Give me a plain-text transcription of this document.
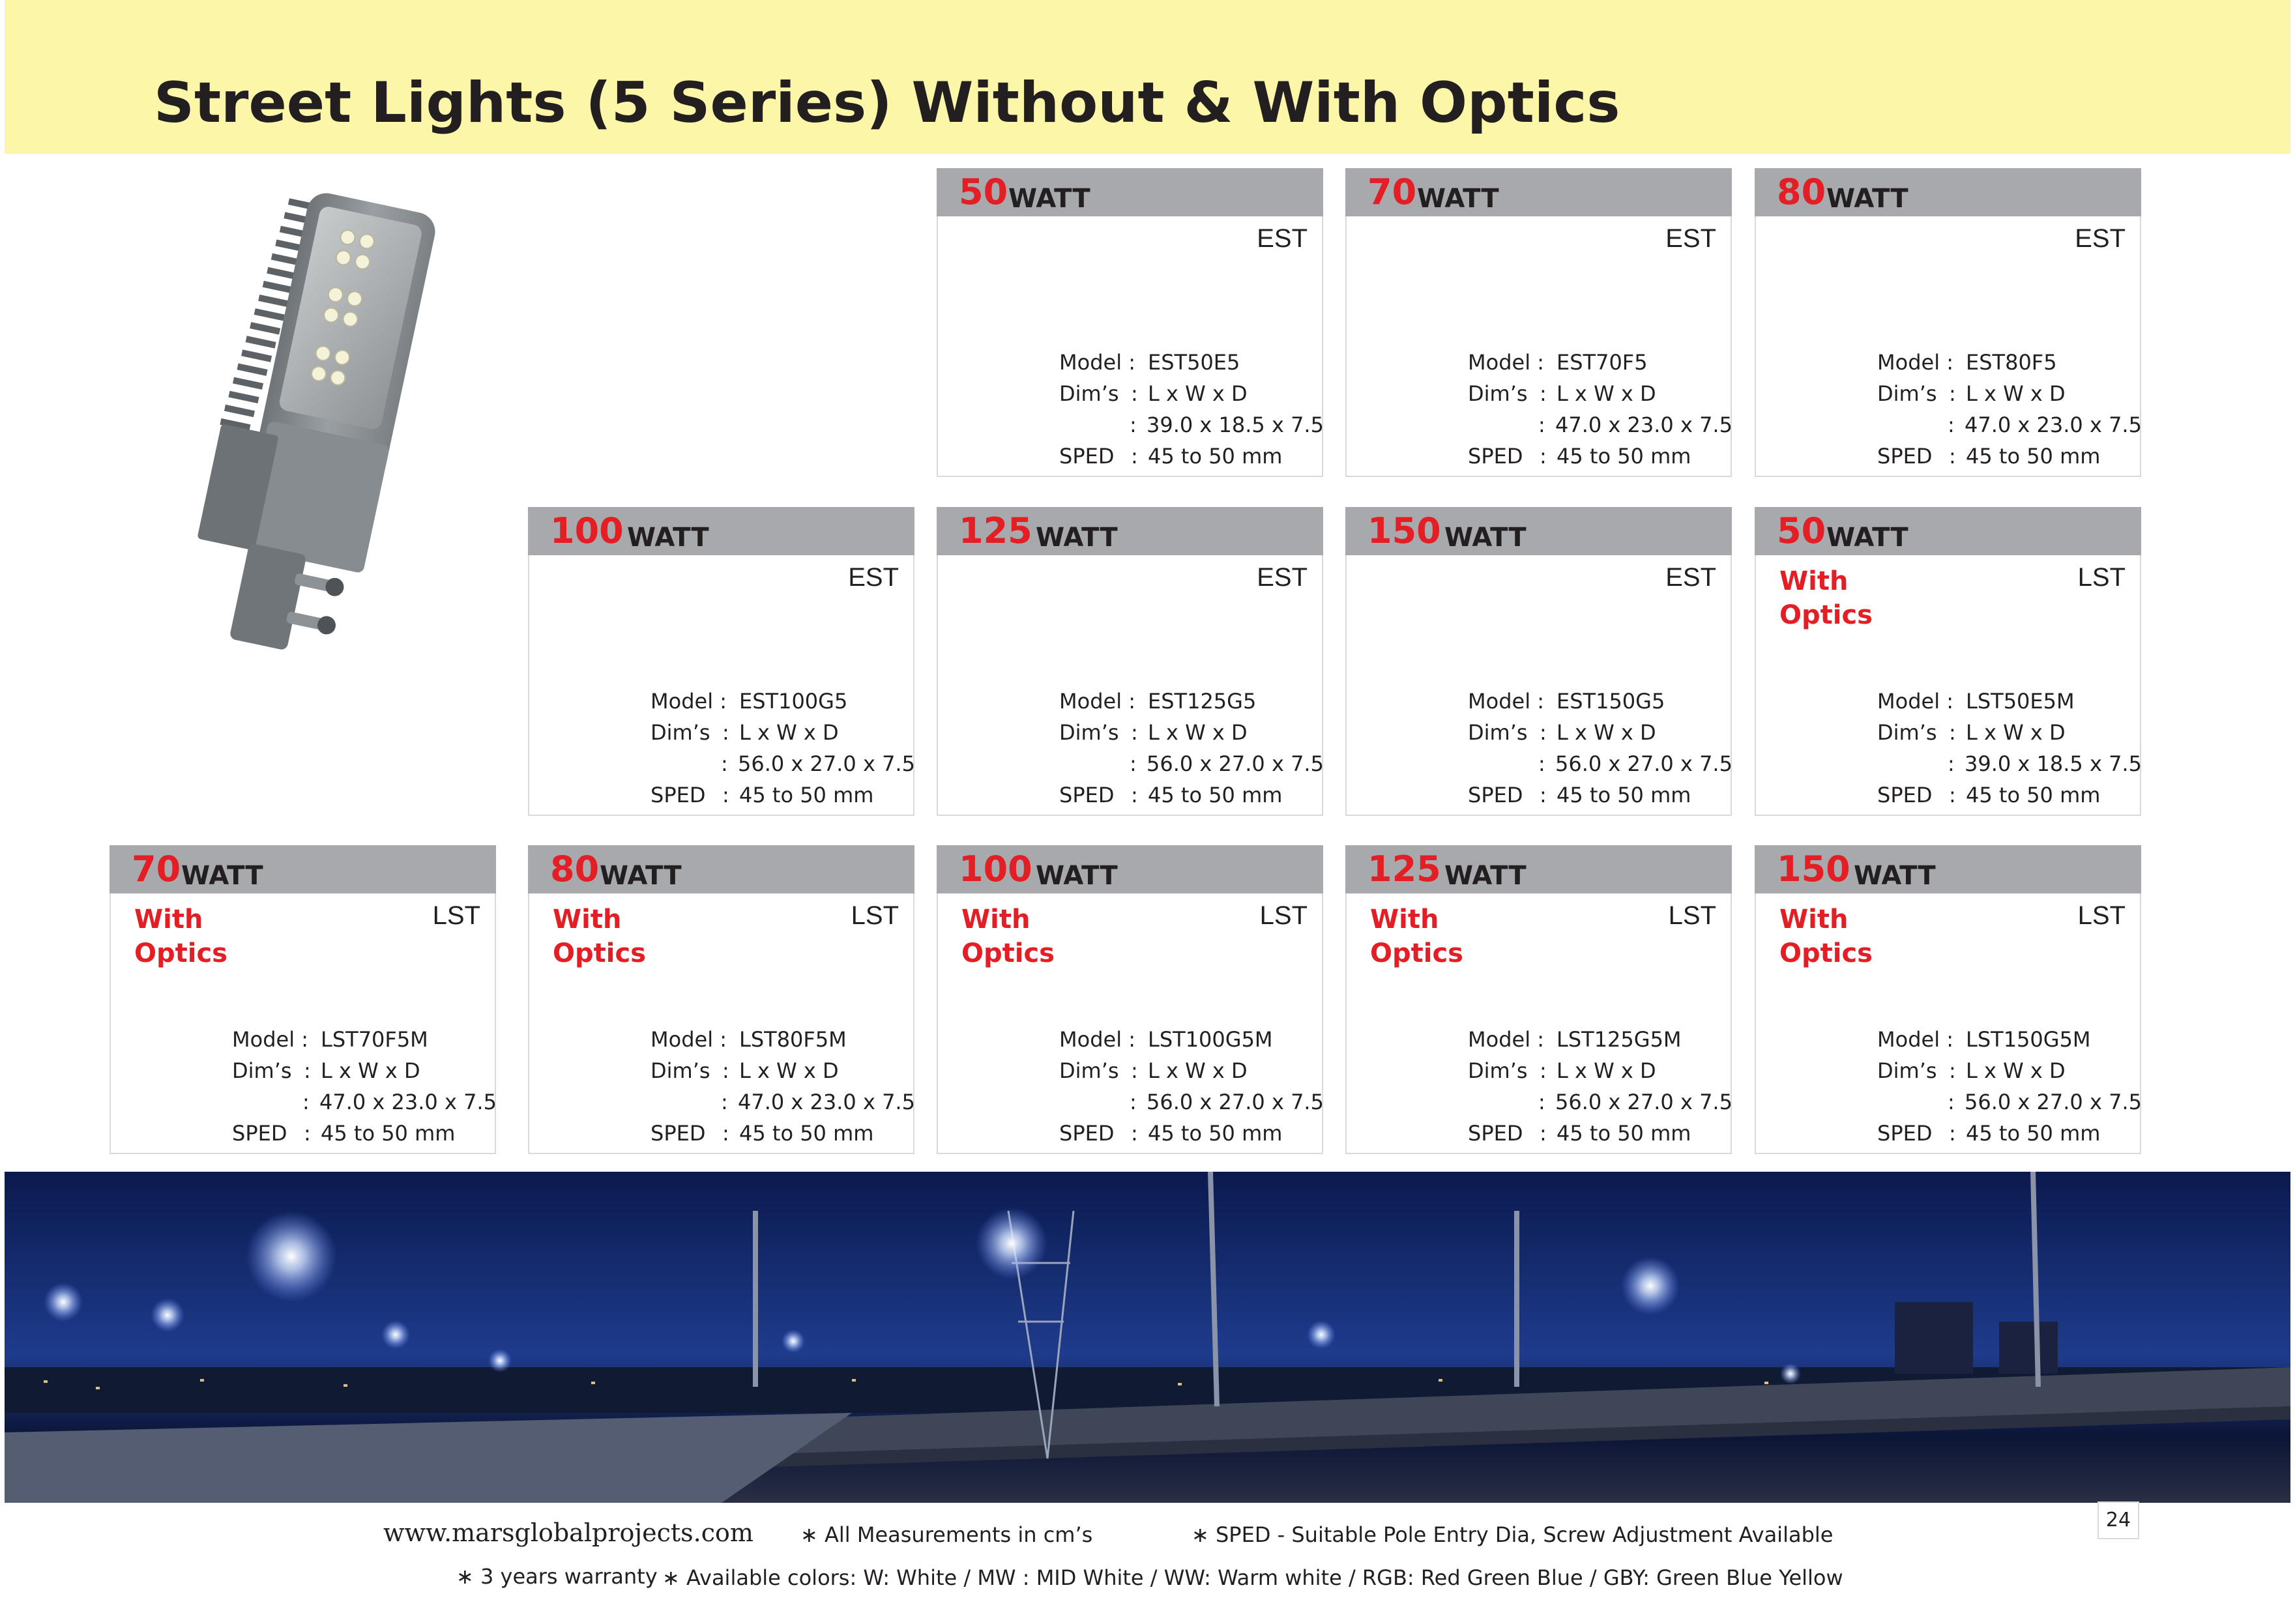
Street Lights (5 Series) Without & With Optics
50 WATT
EST
Model : EST50E5
Dim’s : L x W x D
: 39.0 x 18.5 x 7.5
SPED : 45 to 50 mm
70 WATT
EST
Model : EST70F5
Dim’s : L x W x D
: 47.0 x 23.0 x 7.5
SPED : 45 to 50 mm
80 WATT
EST
Model : EST80F5
Dim’s : L x W x D
: 47.0 x 23.0 x 7.5
SPED : 45 to 50 mm
100 WATT
EST
Model : EST100G5
Dim’s : L x W x D
: 56.0 x 27.0 x 7.5
SPED : 45 to 50 mm
125 WATT
EST
Model : EST125G5
Dim’s : L x W x D
: 56.0 x 27.0 x 7.5
SPED : 45 to 50 mm
150 WATT
EST
Model : EST150G5
Dim’s : L x W x D
: 56.0 x 27.0 x 7.5
SPED : 45 to 50 mm
50 WATT
LST
With
Optics
Model : LST50E5M
Dim’s : L x W x D
: 39.0 x 18.5 x 7.5
SPED : 45 to 50 mm
70 WATT
LST
With
Optics
Model : LST70F5M
Dim’s : L x W x D
: 47.0 x 23.0 x 7.5
SPED : 45 to 50 mm
80 WATT
LST
With
Optics
Model : LST80F5M
Dim’s : L x W x D
: 47.0 x 23.0 x 7.5
SPED : 45 to 50 mm
100 WATT
LST
With
Optics
Model : LST100G5M
Dim’s : L x W x D
: 56.0 x 27.0 x 7.5
SPED : 45 to 50 mm
125 WATT
LST
With
Optics
Model : LST125G5M
Dim’s : L x W x D
: 56.0 x 27.0 x 7.5
SPED : 45 to 50 mm
150 WATT
LST
With
Optics
Model : LST150G5M
Dim’s : L x W x D
: 56.0 x 27.0 x 7.5
SPED : 45 to 50 mm
www.marsglobalprojects.com ∗ All Measurements in cm’s	∗ SPED - Suitable Pole Entry Dia, Screw Adjustment Available
∗ 3 years warranty ∗ Available colors: W: White / MW : MID White / WW: Warm white / RGB: Red Green Blue / GBY: Green Blue Yellow
24
